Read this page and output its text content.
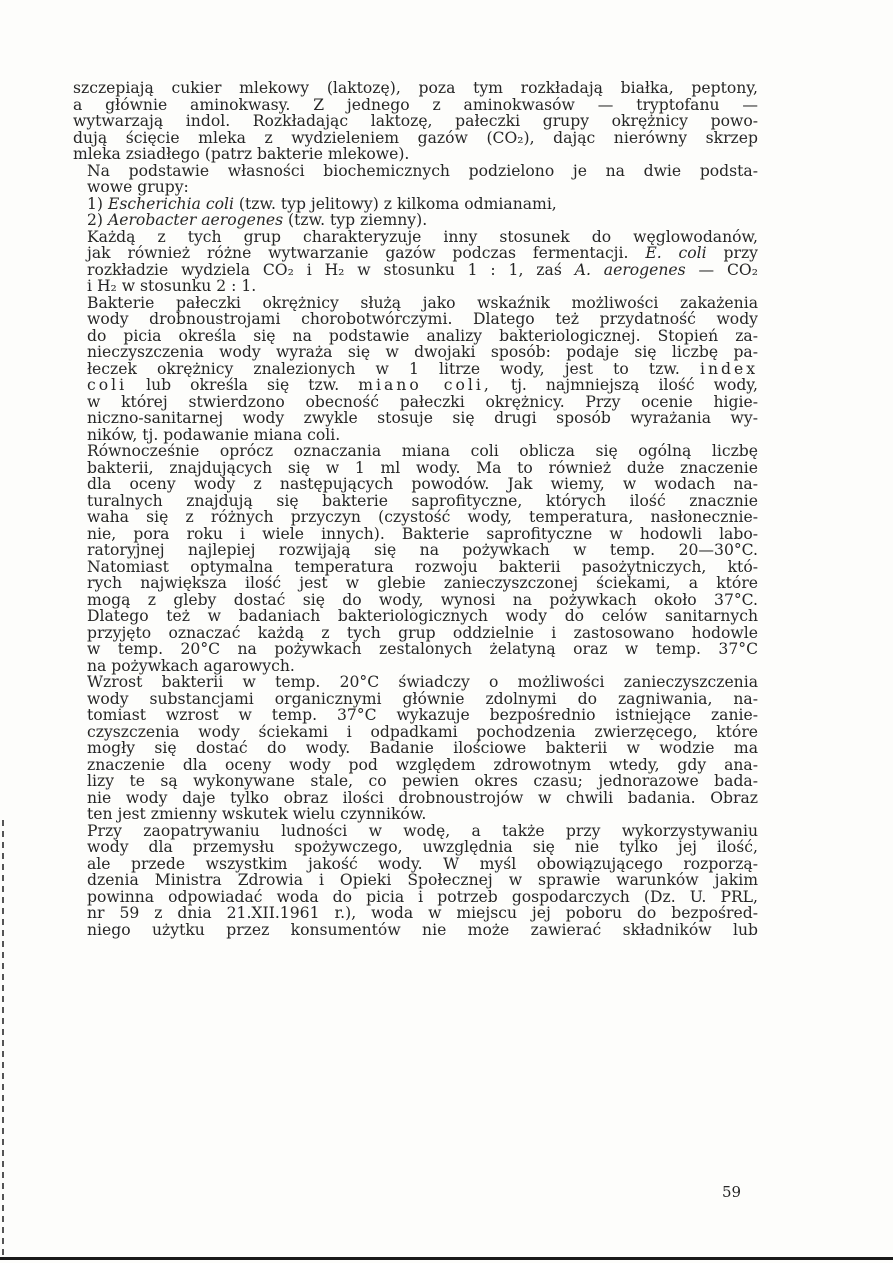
szczepiają cukier mlekowy (laktozę), poza tym rozkładają białka, peptony,
a głównie aminokwasy. Z jednego z aminokwasów — tryptofanu —
wytwarzają indol. Rozkładając laktozę, pałeczki grupy okrężnicy powo-
dują ścięcie mleka z wydzieleniem gazów (CO₂), dając nierówny skrzep
mleka zsiadłego (patrz bakterie mlekowe).
Na podstawie własności biochemicznych podzielono je na dwie podsta-
wowe grupy:
1) Escherichia coli (tzw. typ jelitowy) z kilkoma odmianami,
2) Aerobacter aerogenes (tzw. typ ziemny).
Każdą z tych grup charakteryzuje inny stosunek do węglowodanów,
jak również różne wytwarzanie gazów podczas fermentacji. E. coli przy
rozkładzie wydziela CO₂ i H₂ w stosunku 1 : 1, zaś A. aerogenes — CO₂
i H₂ w stosunku 2 : 1.
Bakterie pałeczki okrężnicy służą jako wskaźnik możliwości zakażenia
wody drobnoustrojami chorobotwórczymi. Dlatego też przydatność wody
do picia określa się na podstawie analizy bakteriologicznej. Stopień za-
nieczyszczenia wody wyraża się w dwojaki sposób: podaje się liczbę pa-
łeczek okrężnicy znalezionych w 1 litrze wody, jest to tzw. index
coli lub określa się tzw. miano coli, tj. najmniejszą ilość wody,
w której stwierdzono obecność pałeczki okrężnicy. Przy ocenie higie-
niczno-sanitarnej wody zwykle stosuje się drugi sposób wyrażania wy-
ników, tj. podawanie miana coli.
Równocześnie oprócz oznaczania miana coli oblicza się ogólną liczbę
bakterii, znajdujących się w 1 ml wody. Ma to również duże znaczenie
dla oceny wody z następujących powodów. Jak wiemy, w wodach na-
turalnych znajdują się bakterie saprofityczne, których ilość znacznie
waha się z różnych przyczyn (czystość wody, temperatura, nasłonecznie-
nie, pora roku i wiele innych). Bakterie saprofityczne w hodowli labo-
ratoryjnej najlepiej rozwijają się na pożywkach w temp. 20—30°C.
Natomiast optymalna temperatura rozwoju bakterii pasożytniczych, któ-
rych największa ilość jest w glebie zanieczyszczonej ściekami, a które
mogą z gleby dostać się do wody, wynosi na pożywkach około 37°C.
Dlatego też w badaniach bakteriologicznych wody do celów sanitarnych
przyjęto oznaczać każdą z tych grup oddzielnie i zastosowano hodowle
w temp. 20°C na pożywkach zestalonych żelatyną oraz w temp. 37°C
na pożywkach agarowych.
Wzrost bakterii w temp. 20°C świadczy o możliwości zanieczyszczenia
wody substancjami organicznymi głównie zdolnymi do zagniwania, na-
tomiast wzrost w temp. 37°C wykazuje bezpośrednio istniejące zanie-
czyszczenia wody ściekami i odpadkami pochodzenia zwierzęcego, które
mogły się dostać do wody. Badanie ilościowe bakterii w wodzie ma
znaczenie dla oceny wody pod względem zdrowotnym wtedy, gdy ana-
lizy te są wykonywane stale, co pewien okres czasu; jednorazowe bada-
nie wody daje tylko obraz ilości drobnoustrojów w chwili badania. Obraz
ten jest zmienny wskutek wielu czynników.
Przy zaopatrywaniu ludności w wodę, a także przy wykorzystywaniu
wody dla przemysłu spożywczego, uwzględnia się nie tylko jej ilość,
ale przede wszystkim jakość wody. W myśl obowiązującego rozporzą-
dzenia Ministra Zdrowia i Opieki Społecznej w sprawie warunków jakim
powinna odpowiadać woda do picia i potrzeb gospodarczych (Dz. U. PRL,
nr 59 z dnia 21.XII.1961 r.), woda w miejscu jej poboru do bezpośred-
niego użytku przez konsumentów nie może zawierać składników lub
59
